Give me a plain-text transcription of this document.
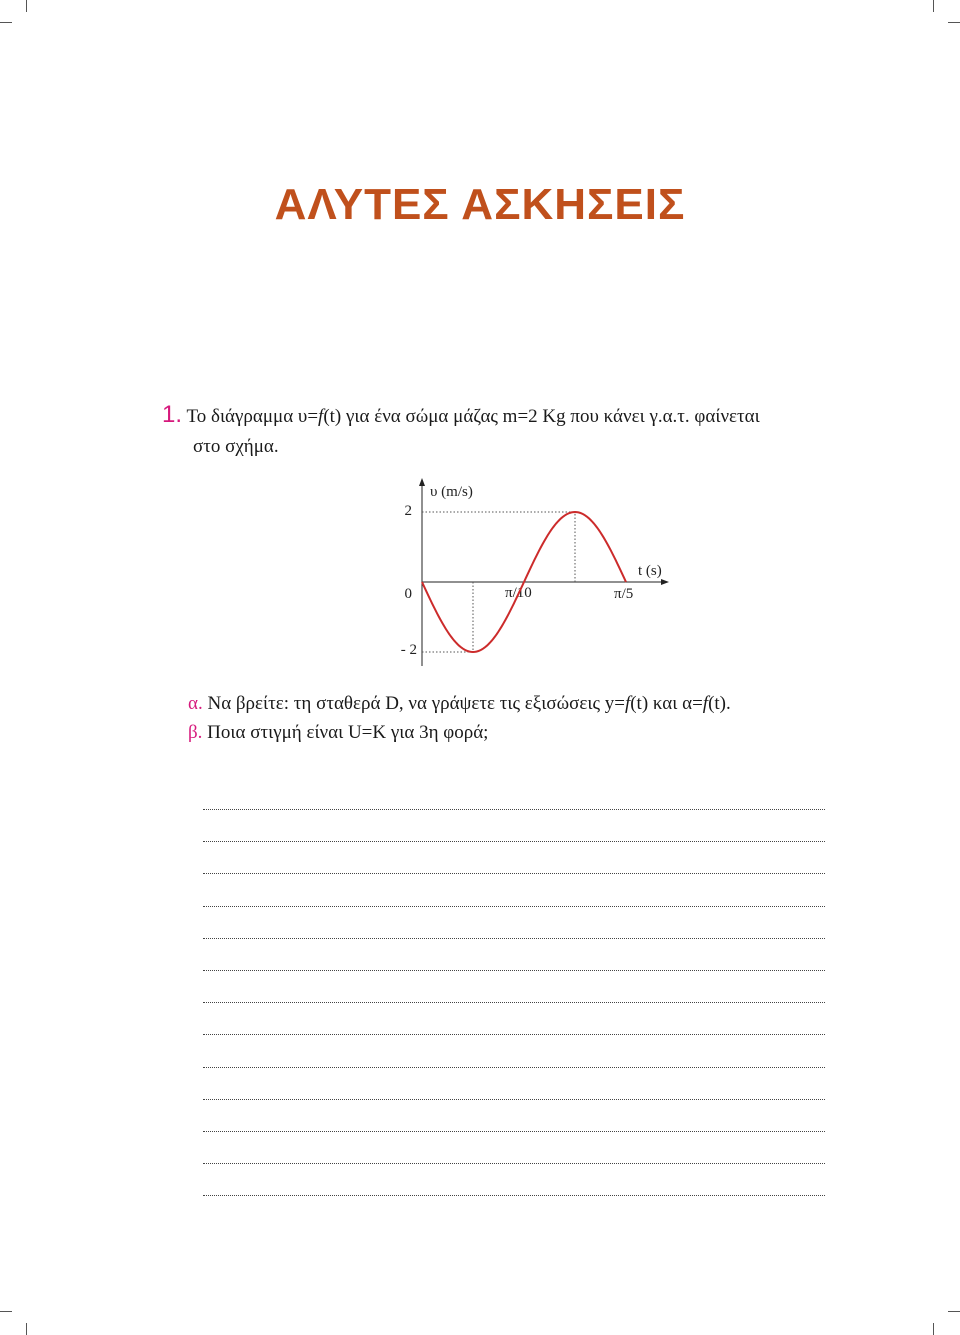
ΑΛΥΤΕΣ ΑΣΚΗΣΕΙΣ
1. Το διάγραμμα υ=f(t) για ένα σώμα μάζας m=2 Kg που κάνει γ.α.τ. φαίνεται
στο σχήμα.
2
0
- 2
υ (m/s)
t (s)
π/10	π/5
α. Να βρείτε: τη σταθερά D, να γράψετε τις εξισώσεις y=f(t) και α=f(t).
β. Ποια στιγμή είναι U=K για 3η φορά;
